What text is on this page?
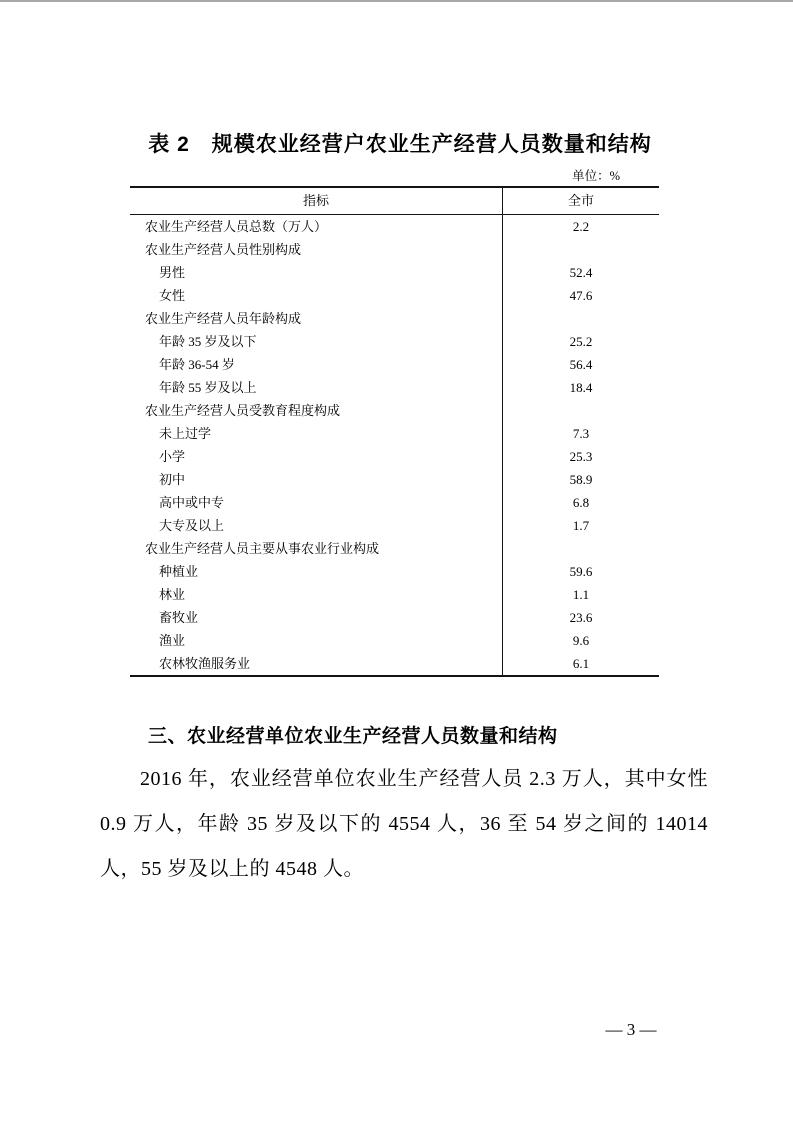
表 2　规模农业经营户农业生产经营人员数量和结构
单位：%
指标	全市
农业生产经营人员总数（万人）	2.2
农业生产经营人员性别构成
男性	52.4
女性	47.6
农业生产经营人员年龄构成
年龄 35 岁及以下	25.2
年龄 36-54 岁	56.4
年龄 55 岁及以上	18.4
农业生产经营人员受教育程度构成
未上过学	7.3
小学	25.3
初中	58.9
高中或中专	6.8
大专及以上	1.7
农业生产经营人员主要从事农业行业构成
种植业	59.6
林业	1.1
畜牧业	23.6
渔业	9.6
农林牧渔服务业	6.1
三、农业经营单位农业生产经营人员数量和结构
2016 年，农业经营单位农业生产经营人员 2.3 万人，其中女性 0.9 万人，年龄 35 岁及以下的 4554 人，36 至 54 岁之间的 14014 人，55 岁及以上的 4548 人。
— 3 —
